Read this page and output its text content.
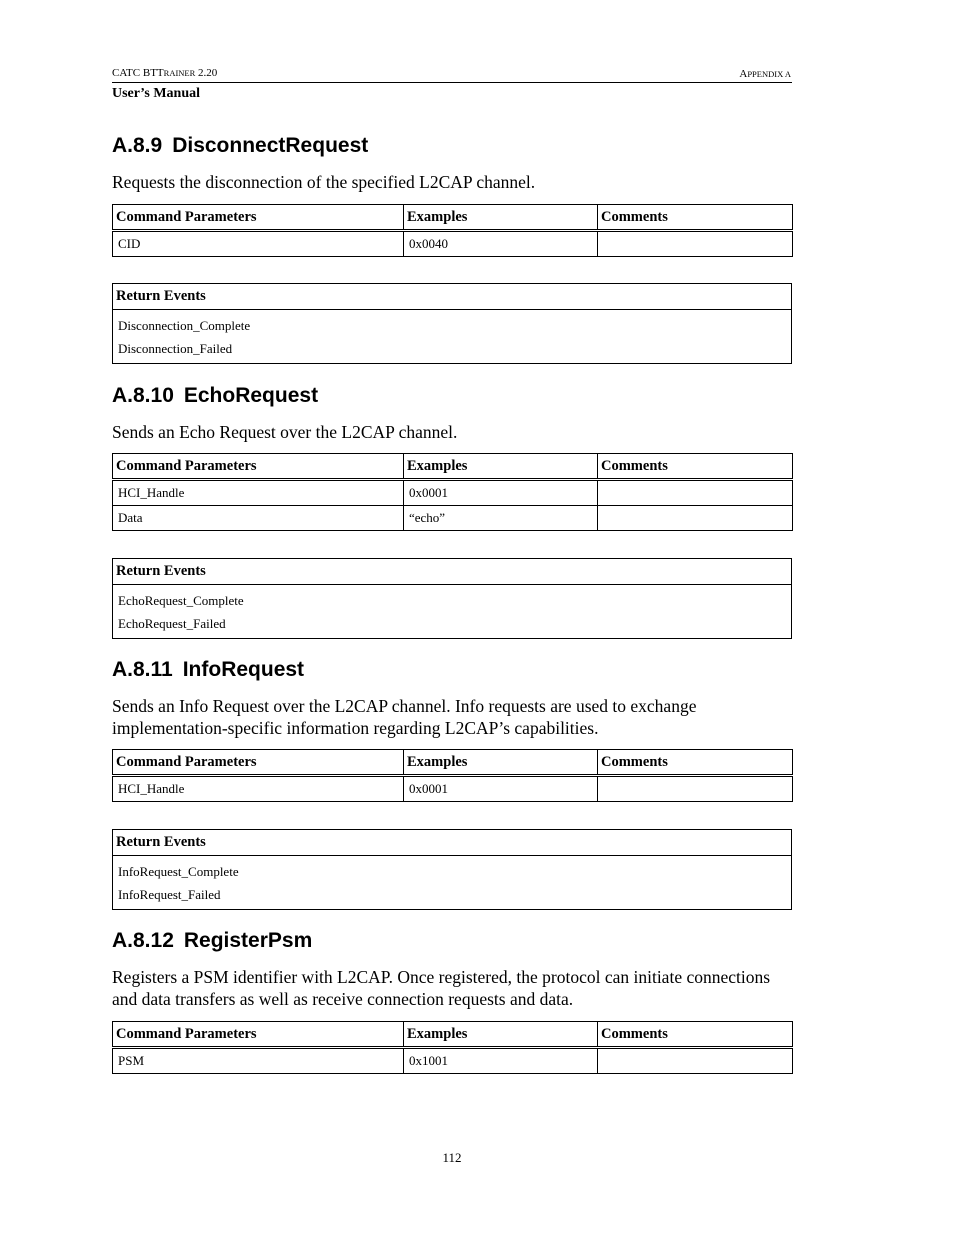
CATC BTTRAINER 2.20	APPENDIX A
User’s Manual
A.8.9 DisconnectRequest

Requests the disconnection of the specified L2CAP channel.

Command Parameters	Examples	Comments
CID	0x0040	
Return Events

Disconnection_Complete
Disconnection_Failed
A.8.10 EchoRequest

Sends an Echo Request over the L2CAP channel.

Command Parameters	Examples	Comments
HCI_Handle	0x0001	
Data	“echo”	
Return Events

EchoRequest_Complete
EchoRequest_Failed
A.8.11 InfoRequest

Sends an Info Request over the L2CAP channel. Info requests are used to exchange implementation-specific information regarding L2CAP’s capabilities.

Command Parameters	Examples	Comments
HCI_Handle	0x0001	
Return Events

InfoRequest_Complete
InfoRequest_Failed
A.8.12 RegisterPsm

Registers a PSM identifier with L2CAP. Once registered, the protocol can initiate connections and data transfers as well as receive connection requests and data.

Command Parameters	Examples	Comments
PSM	0x1001	
112
